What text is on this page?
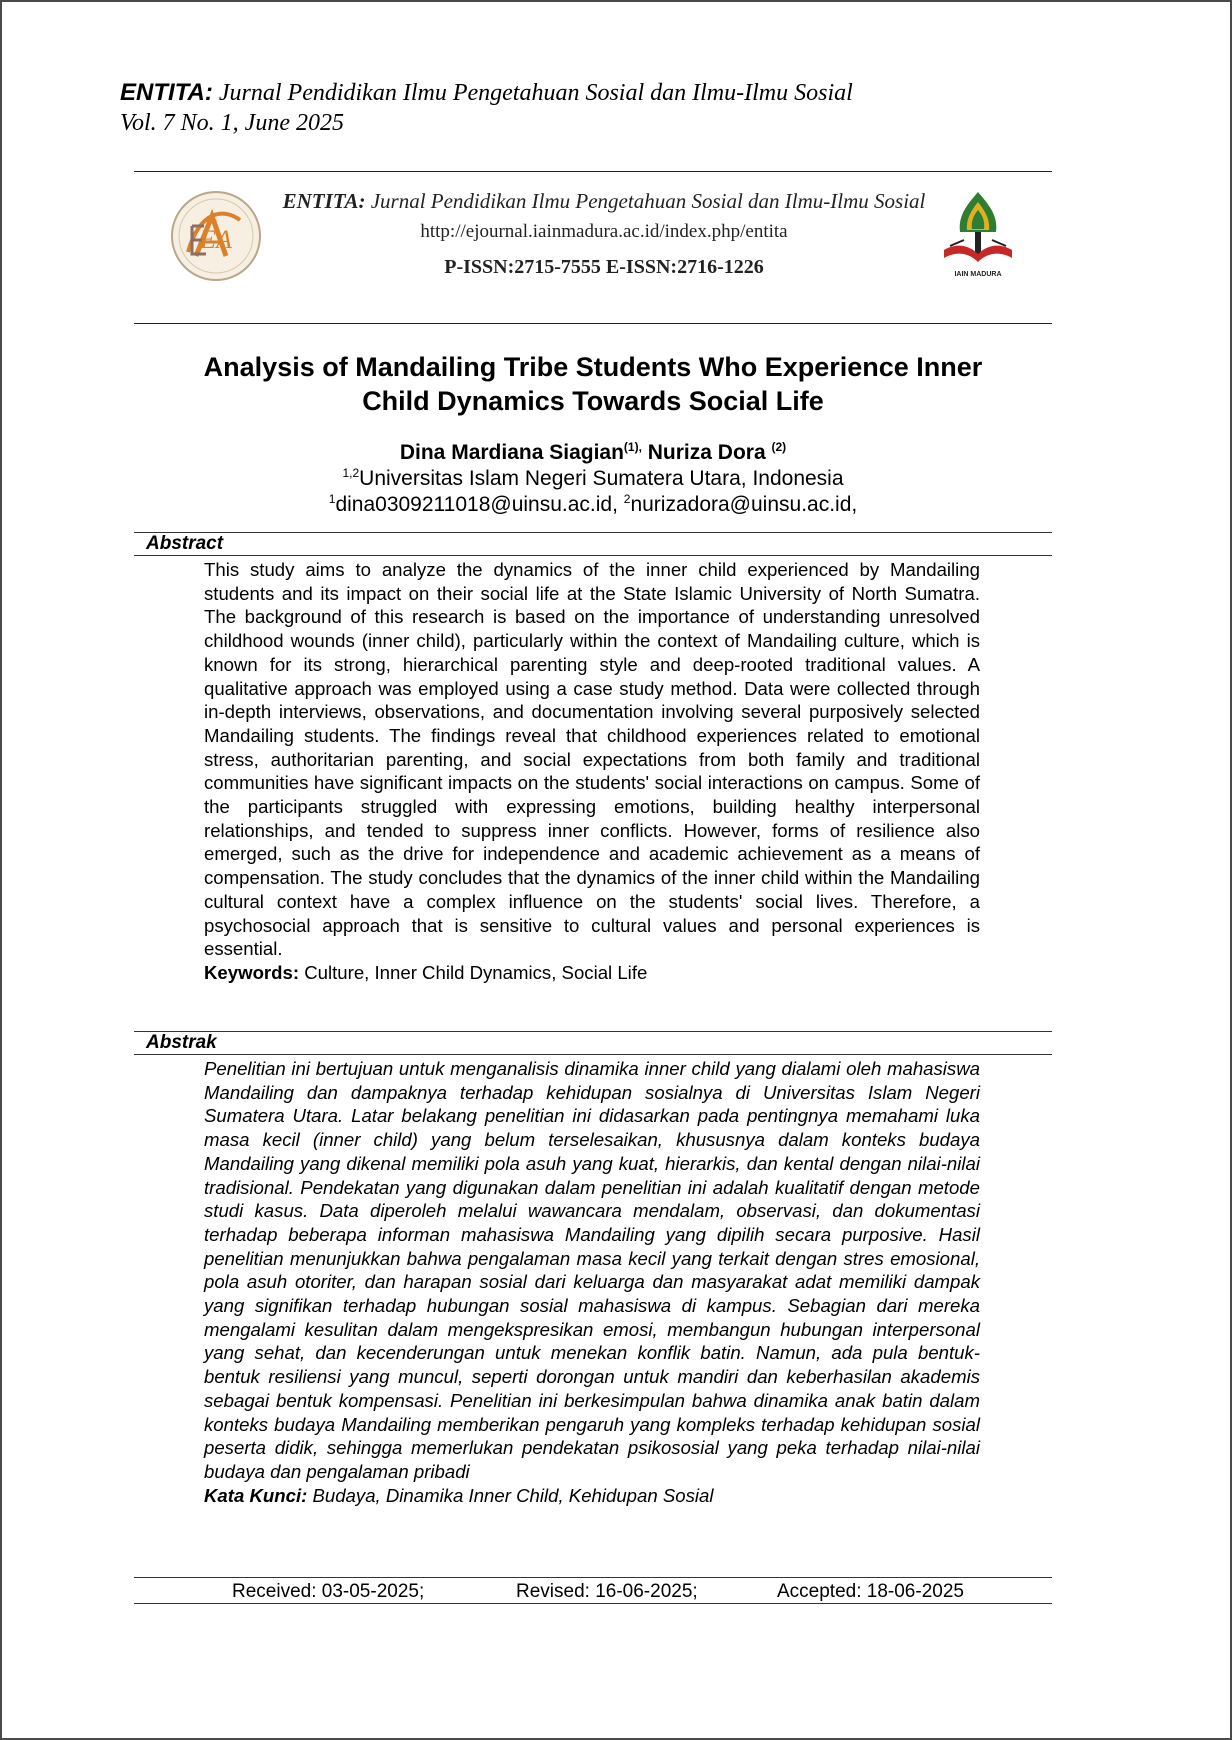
ENTITA: Jurnal Pendidikan Ilmu Pengetahuan Sosial dan Ilmu-Ilmu Sosial
Vol. 7 No. 1, June 2025
EA
ENTITA: Jurnal Pendidikan Ilmu Pengetahuan Sosial dan Ilmu-Ilmu Sosial
http://ejournal.iainmadura.ac.id/index.php/entita
P-ISSN:2715-7555 E-ISSN:2716-1226	IAIN MADURA
Analysis of Mandailing Tribe Students Who Experience Inner
Child Dynamics Towards Social Life
Dina Mardiana Siagian$^{(1),}$ Nuriza Dora $^{(2)}$
$^{1,2}$Universitas Islam Negeri Sumatera Utara, Indonesia
$^1$dina0309211018@uinsu.ac.id, $^2$nurizadora@uinsu.ac.id,
Abstract
This study aims to analyze the dynamics of the inner child experienced by Mandailing students and its impact on their social life at the State Islamic University of North Sumatra. The background of this research is based on the importance of understanding unresolved childhood wounds (inner child), particularly within the context of Mandailing culture, which is known for its strong, hierarchical parenting style and deep-rooted traditional values. A qualitative approach was employed using a case study method. Data were collected through in-depth interviews, observations, and documentation involving several purposively selected Mandailing students. The findings reveal that childhood experiences related to emotional stress, authoritarian parenting, and social expectations from both family and traditional communities have significant impacts on the students' social interactions on campus. Some of the participants struggled with expressing emotions, building healthy interpersonal relationships, and tended to suppress inner conflicts. However, forms of resilience also emerged, such as the drive for independence and academic achievement as a means of compensation. The study concludes that the dynamics of the inner child within the Mandailing cultural context have a complex influence on the students' social lives. Therefore, a psychosocial approach that is sensitive to cultural values and personal experiences is essential.
Keywords: Culture, Inner Child Dynamics, Social Life
Abstrak
Penelitian ini bertujuan untuk menganalisis dinamika inner child yang dialami oleh mahasiswa Mandailing dan dampaknya terhadap kehidupan sosialnya di Universitas Islam Negeri Sumatera Utara. Latar belakang penelitian ini didasarkan pada pentingnya memahami luka masa kecil (inner child) yang belum terselesaikan, khususnya dalam konteks budaya Mandailing yang dikenal memiliki pola asuh yang kuat, hierarkis, dan kental dengan nilai-nilai tradisional. Pendekatan yang digunakan dalam penelitian ini adalah kualitatif dengan metode studi kasus. Data diperoleh melalui wawancara mendalam, observasi, dan dokumentasi terhadap beberapa informan mahasiswa Mandailing yang dipilih secara purposive. Hasil penelitian menunjukkan bahwa pengalaman masa kecil yang terkait dengan stres emosional, pola asuh otoriter, dan harapan sosial dari keluarga dan masyarakat adat memiliki dampak yang signifikan terhadap hubungan sosial mahasiswa di kampus. Sebagian dari mereka mengalami kesulitan dalam mengekspresikan emosi, membangun hubungan interpersonal yang sehat, dan kecenderungan untuk menekan konflik batin. Namun, ada pula bentuk-bentuk resiliensi yang muncul, seperti dorongan untuk mandiri dan keberhasilan akademis sebagai bentuk kompensasi. Penelitian ini berkesimpulan bahwa dinamika anak batin dalam konteks budaya Mandailing memberikan pengaruh yang kompleks terhadap kehidupan sosial peserta didik, sehingga memerlukan pendekatan psikososial yang peka terhadap nilai-nilai budaya dan pengalaman pribadi
Kata Kunci: Budaya, Dinamika Inner Child, Kehidupan Sosial
Received: 03-05-2025;	Revised: 16-06-2025;	Accepted: 18-06-2025
